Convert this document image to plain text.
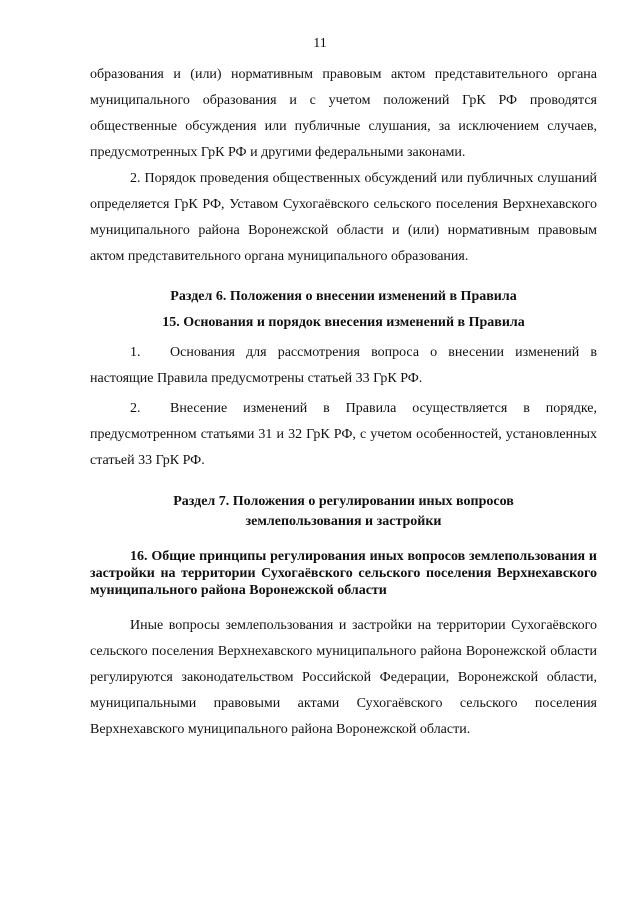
11

образования и (или) нормативным правовым актом представительного органа муниципального образования и с учетом положений ГрК РФ проводятся общественные обсуждения или публичные слушания, за исключением случаев, предусмотренных ГрК РФ и другими федеральными законами.

2. Порядок проведения общественных обсуждений или публичных слушаний определяется ГрК РФ, Уставом Сухогаёвского сельского поселения Верхнехавского муниципального района Воронежской области и (или) нормативным правовым актом представительного органа муниципального образования.

Раздел 6. Положения о внесении изменений в Правила

15. Основания и порядок внесения изменений в Правила

1. Основания для рассмотрения вопроса о внесении изменений в настоящие Правила предусмотрены статьей 33 ГрК РФ.

2. Внесение изменений в Правила осуществляется в порядке, предусмотренном статьями 31 и 32 ГрК РФ, с учетом особенностей, установленных статьей 33 ГрК РФ.

Раздел 7. Положения о регулировании иных вопросов

землепользования и застройки

16. Общие принципы регулирования иных вопросов землепользования и застройки на территории Сухогаёвского сельского поселения Верхнехавского муниципального района Воронежской области

Иные вопросы землепользования и застройки на территории Сухогаёвского сельского поселения Верхнехавского муниципального района Воронежской области регулируются законодательством Российской Федерации, Воронежской области, муниципальными правовыми актами Сухогаёвского сельского поселения Верхнехавского муниципального района Воронежской области.
